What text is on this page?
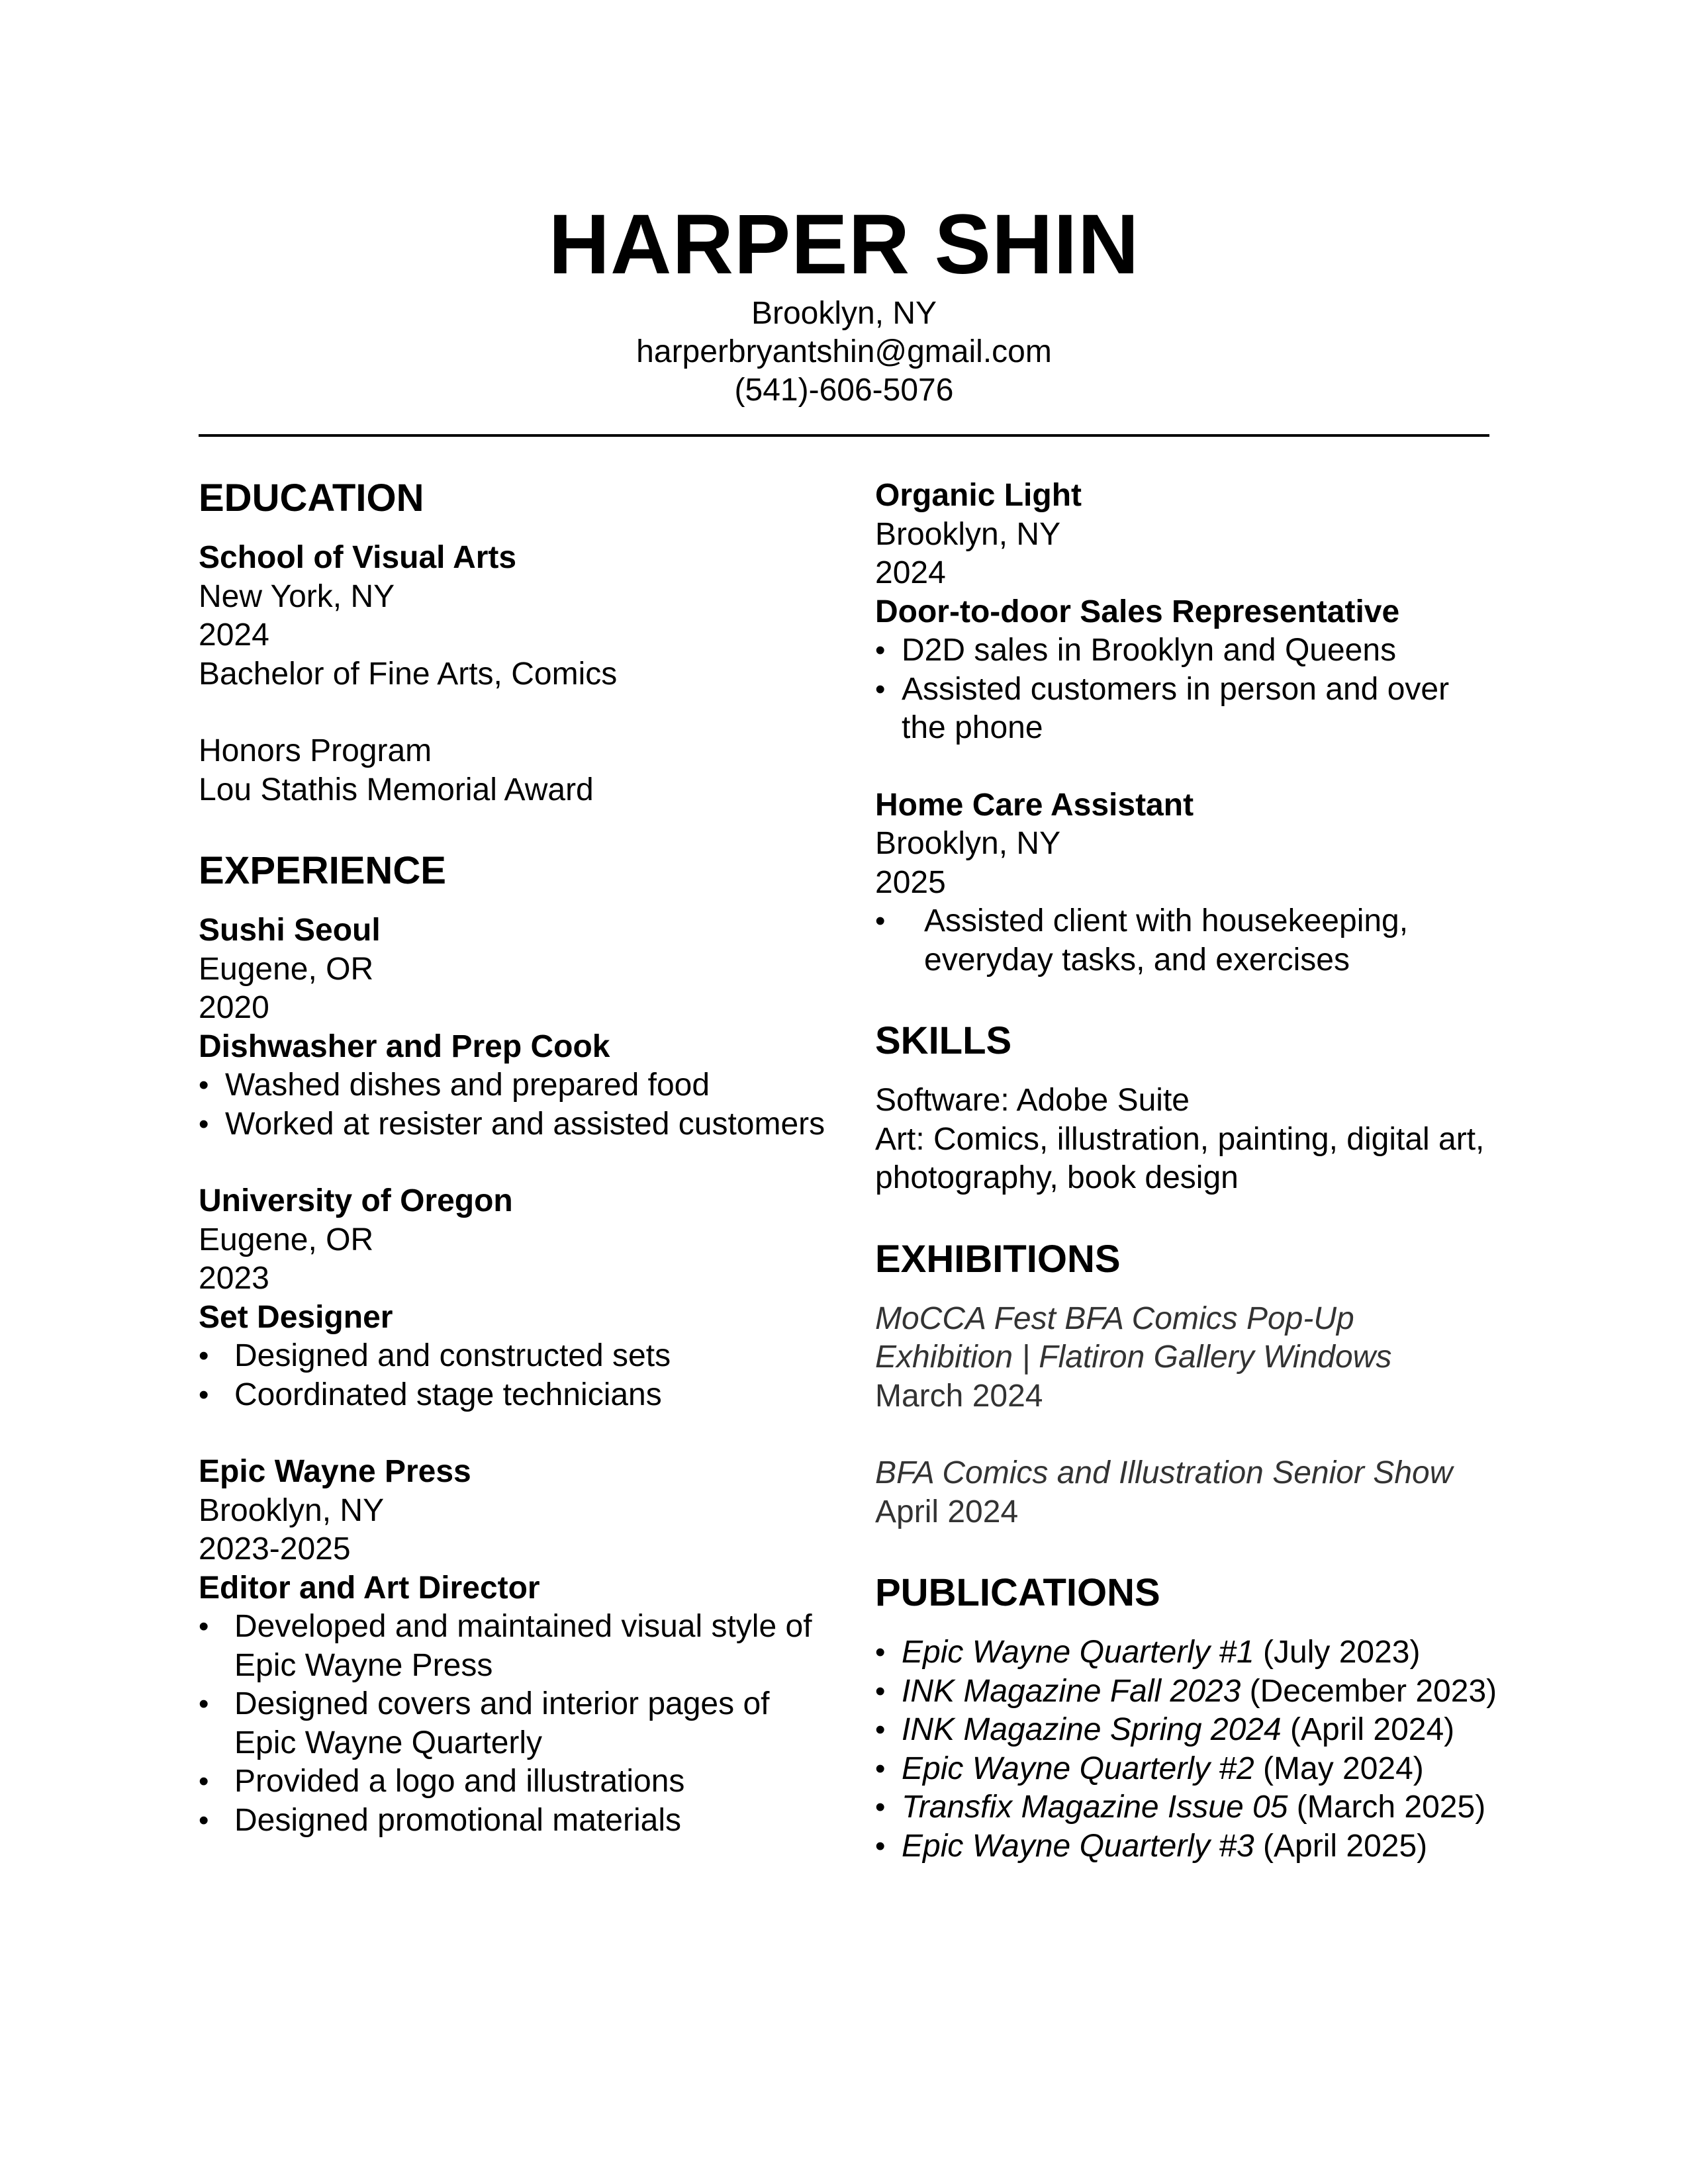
HARPER SHIN
Brooklyn, NY
harperbryantshin@gmail.com
(541)-606-5076
EDUCATION
School of Visual Arts
New York, NY
2024
Bachelor of Fine Arts, Comics
Honors Program
Lou Stathis Memorial Award
EXPERIENCE
Sushi Seoul
Eugene, OR
2020
Dishwasher and Prep Cook
• Washed dishes and prepared food
• Worked at resister and assisted customers
University of Oregon
Eugene, OR
2023
Set Designer
• Designed and constructed sets
• Coordinated stage technicians
Epic Wayne Press
Brooklyn, NY
2023-2025
Editor and Art Director
• Developed and maintained visual style of Epic Wayne Press
• Designed covers and interior pages of Epic Wayne Quarterly
• Provided a logo and illustrations
• Designed promotional materials
Organic Light
Brooklyn, NY
2024
Door-to-door Sales Representative
• D2D sales in Brooklyn and Queens
• Assisted customers in person and over the phone
Home Care Assistant
Brooklyn, NY
2025
• Assisted client with housekeeping, everyday tasks, and exercises
SKILLS
Software: Adobe Suite
Art: Comics, illustration, painting, digital art, photography, book design
EXHIBITIONS
MoCCA Fest BFA Comics Pop-Up Exhibition | Flatiron Gallery Windows
March 2024
BFA Comics and Illustration Senior Show
April 2024
PUBLICATIONS
• Epic Wayne Quarterly #1 (July 2023)
• INK Magazine Fall 2023 (December 2023)
• INK Magazine Spring 2024 (April 2024)
• Epic Wayne Quarterly #2 (May 2024)
• Transfix Magazine Issue 05 (March 2025)
• Epic Wayne Quarterly #3 (April 2025)
